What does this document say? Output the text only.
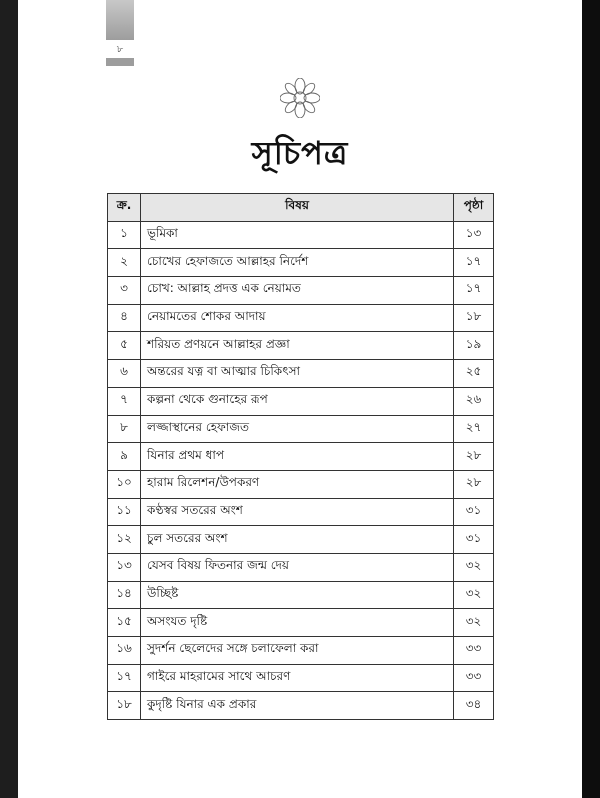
৮
সূচিপত্র
ক্র.	বিষয়	পৃষ্ঠা
১	ভূমিকা	১৩
২	চোখের হেফাজতে আল্লাহর নির্দেশ	১৭
৩	চোখ: আল্লাহ প্রদত্ত এক নেয়ামত	১৭
৪	নেয়ামতের শোকর আদায়	১৮
৫	শরিয়ত প্রণয়নে আল্লাহর প্রজ্ঞা	১৯
৬	অন্তরের যত্ন বা আত্মার চিকিৎসা	২৫
৭	কল্পনা থেকে গুনাহের রূপ	২৬
৮	লজ্জাস্থানের হেফাজত	২৭
৯	যিনার প্রথম ধাপ	২৮
১০	হারাম রিলেশন/উপকরণ	২৮
১১	কণ্ঠস্বর সতরের অংশ	৩১
১২	চুল সতরের অংশ	৩১
১৩	যেসব বিষয় ফিতনার জন্ম দেয়	৩২
১৪	উচ্ছিষ্ট	৩২
১৫	অসংযত দৃষ্টি	৩২
১৬	সুদর্শন ছেলেদের সঙ্গে চলাফেলা করা	৩৩
১৭	গাইরে মাহরামের সাথে আচরণ	৩৩
১৮	কুদৃষ্টি যিনার এক প্রকার	৩৪
